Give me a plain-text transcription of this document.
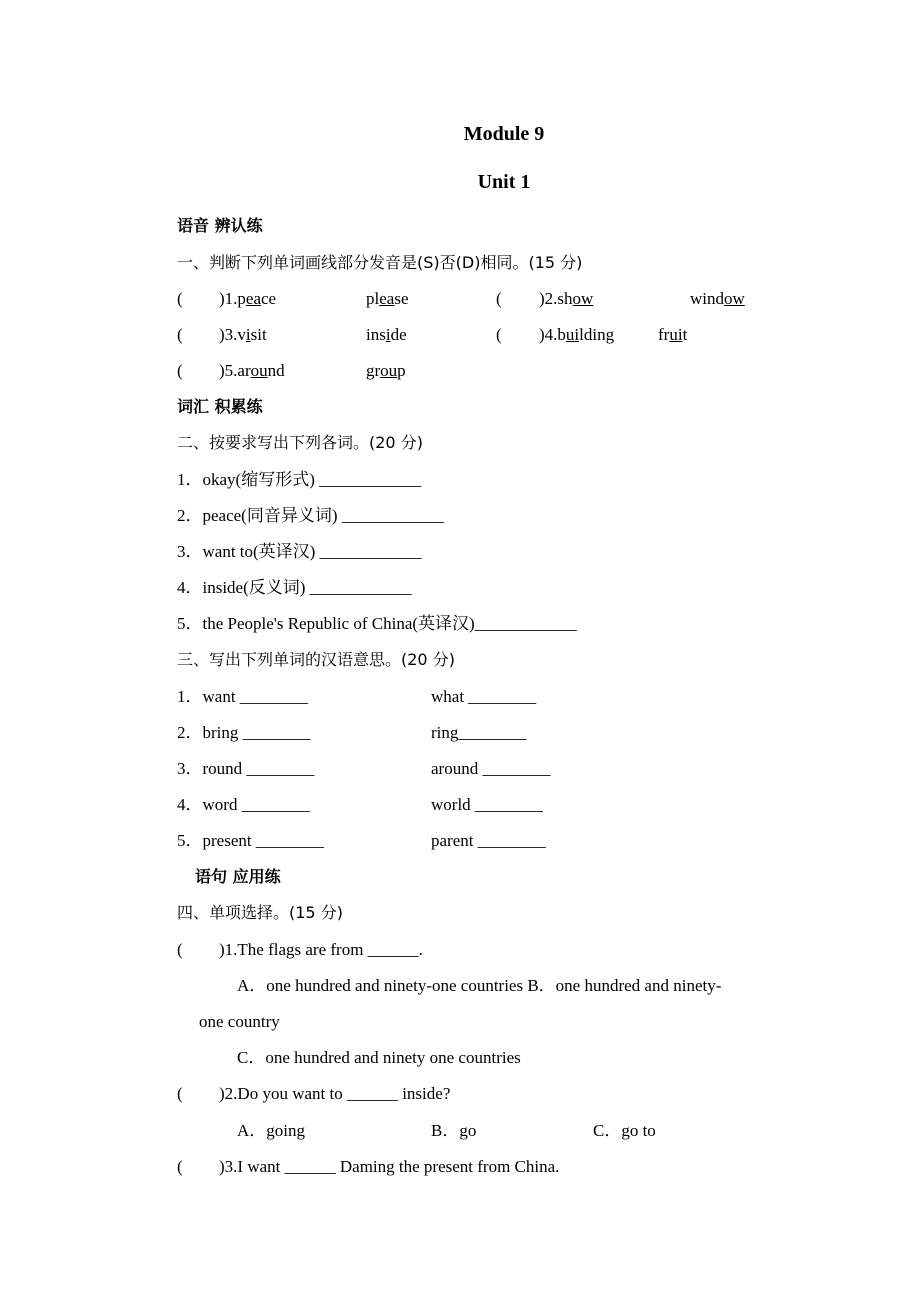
Module 9
Unit 1
语音 辨认练
一、判断下列单词画线部分发音是(S)否(D)相同。(15 分)
( )1.peace	please	( )2.show	window
( )3.visit	inside	( )4.building	fruit
( )5.around	group
词汇 积累练
二、按要求写出下列各词。(20 分)
1．okay(缩写形式) ____________
2．peace(同音异义词) ____________
3．want to(英译汉) ____________
4．inside(反义词) ____________
5．the People's Republic of China(英译汉)____________
三、写出下列单词的汉语意思。(20 分)
1．want ________	what ________
2．bring ________	ring________
3．round ________	around ________
4．word ________	world ________
5．present ________	parent ________
语句 应用练
四、单项选择。(15 分)
( )1.The flags are from ______.
A．one hundred and ninety-one countries B．one hundred and ninety-
one country
C．one hundred and ninety one countries
( )2.Do you want to ______ inside?
A．going	B．go	C．go to
( )3.I want ______ Daming the present from China.
